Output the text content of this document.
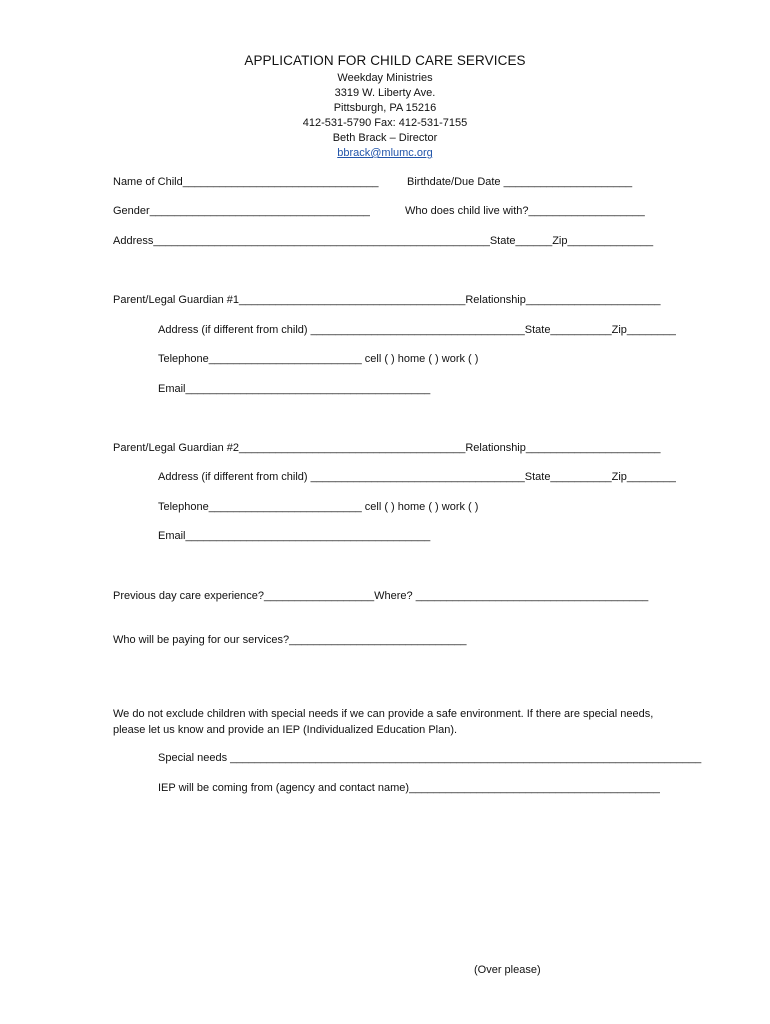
APPLICATION FOR CHILD CARE SERVICES
Weekday Ministries
3319 W. Liberty Ave.
Pittsburgh, PA 15216
412-531-5790 Fax: 412-531-7155
Beth Brack – Director
bbrack@mlumc.org
Name of Child________________________________	Birthdate/Due Date _____________________
Gender____________________________________	Who does child live with?___________________
Address_______________________________________________________State______Zip______________
Parent/Legal Guardian #1_____________________________________Relationship______________________
Address (if different from child) ___________________________________State__________Zip________
Telephone_________________________ cell ( ) home ( ) work ( )
Email________________________________________
Parent/Legal Guardian #2_____________________________________Relationship______________________
Address (if different from child) ___________________________________State__________Zip________
Telephone_________________________ cell ( ) home ( ) work ( )
Email________________________________________
Previous day care experience?__________________Where? ______________________________________
Who will be paying for our services?_____________________________
We do not exclude children with special needs if we can provide a safe environment. If there are special needs, please let us know and provide an IEP (Individualized Education Plan).
Special needs _____________________________________________________________________________
IEP will be coming from (agency and contact name)_________________________________________
(Over please)
